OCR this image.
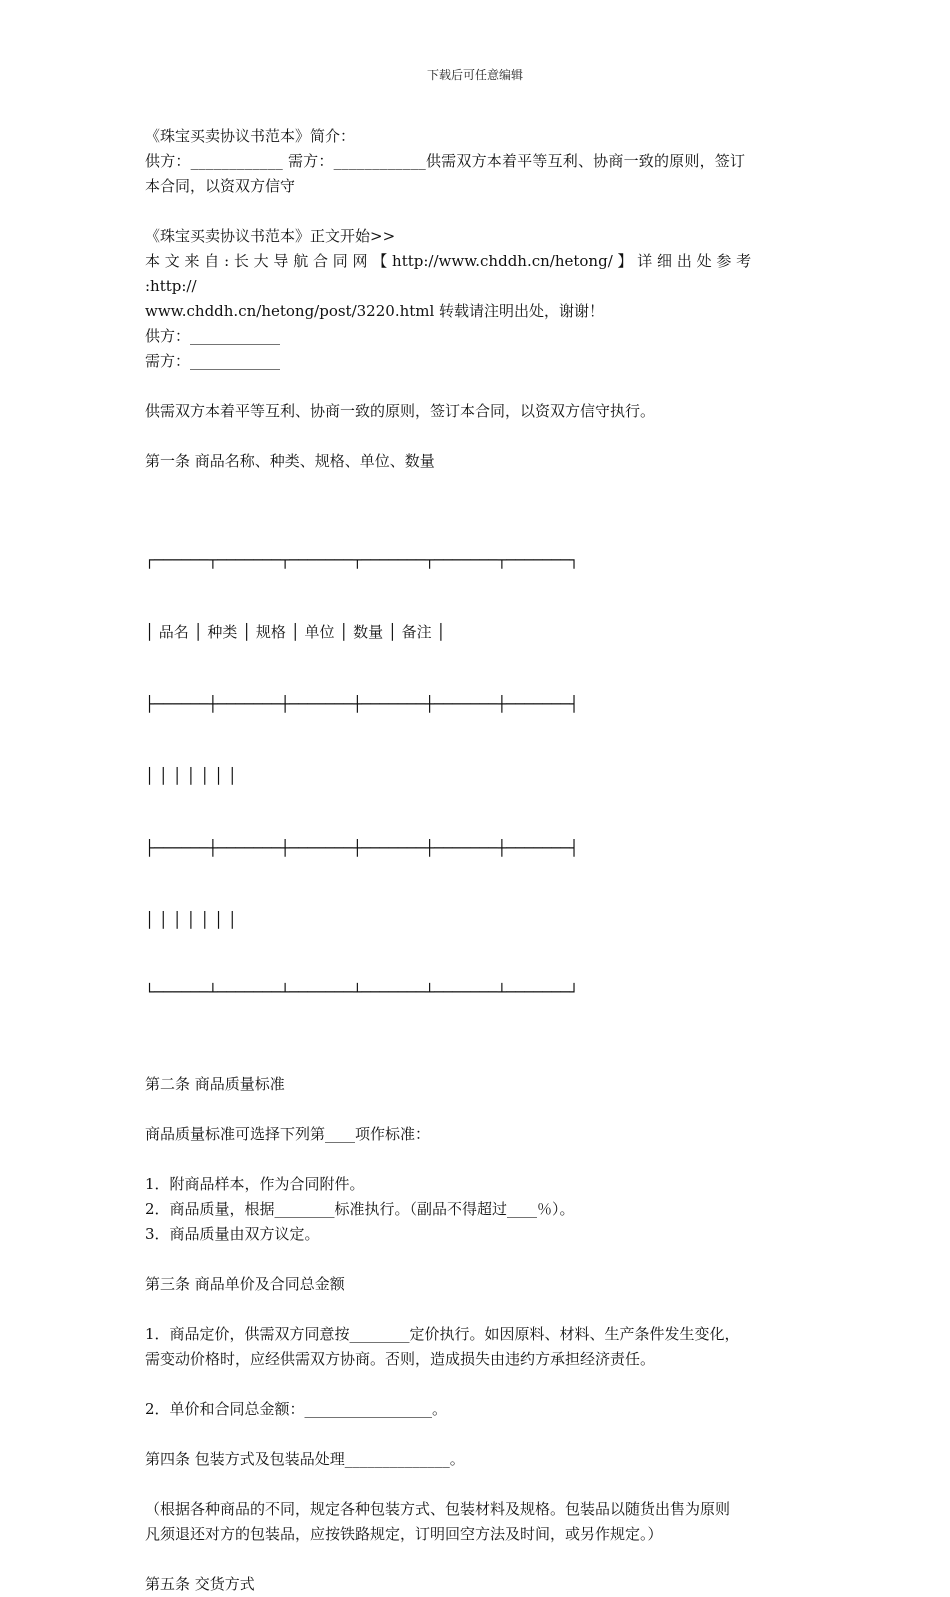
下载后可任意编辑

《珠宝买卖协议书范本》简介：

供方：____________ 需方：____________供需双方本着平等互利、协商一致的原则，签订

本合同，以资双方信守

《珠宝买卖协议书范本》正文开始>>

本 文 来 自 : 长 大 导 航 合 同 网 【 http://www.chddh.cn/hetong/ 】 详 细 出 处 参 考 :http://

www.chddh.cn/hetong/post/3220.html 转载请注明出处，谢谢！

供方：____________

需方：____________

供需双方本着平等互利、协商一致的原则，签订本合同，以资双方信守执行。

第一条 商品名称、种类、规格、单位、数量

┌──────┬───────┬───────┬───────┬───────┬───────┐

│ 品名 │ 种类 │ 规格 │ 单位 │ 数量 │ 备注 │

├──────┼───────┼───────┼───────┼───────┼───────┤

│ │ │ │ │ │ │

├──────┼───────┼───────┼───────┼───────┼───────┤

│ │ │ │ │ │ │

└──────┴───────┴───────┴───────┴───────┴───────┘

第二条 商品质量标准

商品质量标准可选择下列第____项作标准：

1．附商品样本，作为合同附件。

2．商品质量，根据________标准执行。（副品不得超过____％）。

3．商品质量由双方议定。

第三条 商品单价及合同总金额

1．商品定价，供需双方同意按________定价执行。如因原料、材料、生产条件发生变化，

需变动价格时，应经供需双方协商。否则，造成损失由违约方承担经济责任。

2．单价和合同总金额：_________________。

第四条 包装方式及包装品处理______________。

（根据各种商品的不同，规定各种包装方式、包装材料及规格。包装品以随货出售为原则

凡须退还对方的包装品，应按铁路规定，订明回空方法及时间，或另作规定。）

第五条 交货方式
